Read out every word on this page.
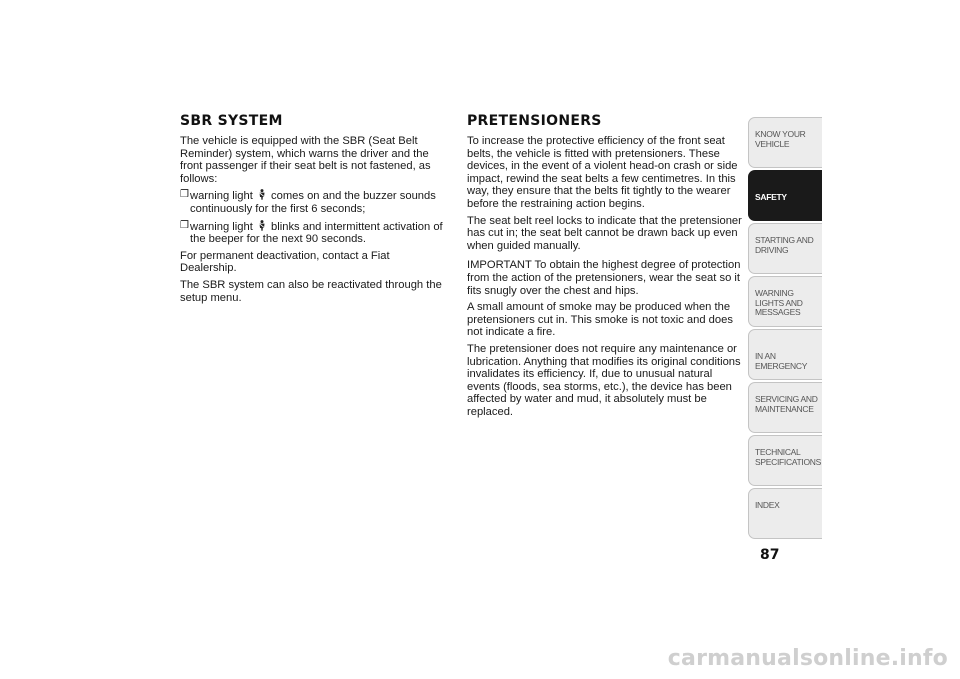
SBR SYSTEM

The vehicle is equipped with the SBR (Seat Belt Reminder) system, which warns the driver and the front passenger if their seat belt is not fastened, as follows:

❒ warning light comes on and the buzzer sounds continuously for the first 6 seconds;
❒ warning light blinks and intermittent activation of the beeper for the next 90 seconds.

For permanent deactivation, contact a Fiat Dealership.

The SBR system can also be reactivated through the setup menu.

PRETENSIONERS

To increase the protective efficiency of the front seat belts, the vehicle is fitted with pretensioners. These devices, in the event of a violent head-on crash or side impact, rewind the seat belts a few centimetres. In this way, they ensure that the belts fit tightly to the wearer before the restraining action begins.

The seat belt reel locks to indicate that the pretensioner has cut in; the seat belt cannot be drawn back up even when guided manually.

IMPORTANT To obtain the highest degree of protection from the action of the pretensioners, wear the seat so it fits snugly over the chest and hips.

A small amount of smoke may be produced when the pretensioners cut in. This smoke is not toxic and does not indicate a fire.

The pretensioner does not require any maintenance or lubrication. Anything that modifies its original conditions invalidates its efficiency. If, due to unusual natural events (floods, sea storms, etc.), the device has been affected by water and mud, it absolutely must be replaced.

KNOW YOUR VEHICLE
SAFETY
STARTING AND DRIVING
WARNING LIGHTS AND MESSAGES
IN AN EMERGENCY
SERVICING AND MAINTENANCE
TECHNICAL SPECIFICATIONS
INDEX
87
carmanualsonline.info
